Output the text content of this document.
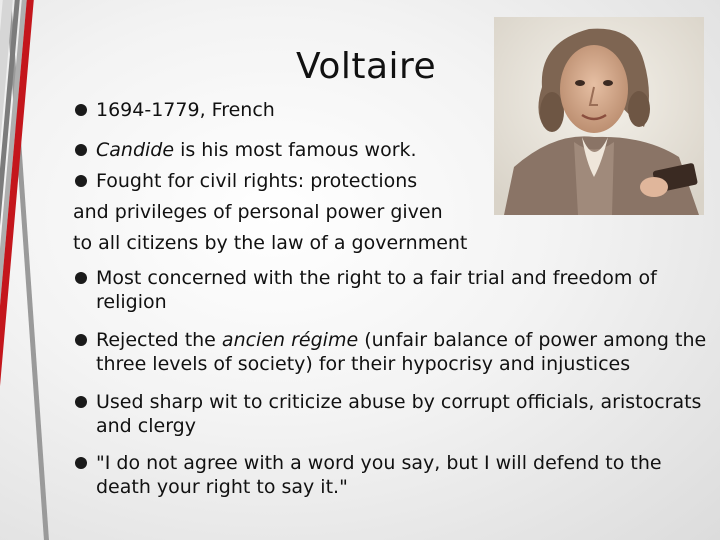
Voltaire
1694-1779, French
Candide is his most famous work.
Fought for civil rights: protections
and privileges of personal power given
to all citizens by the law of a government
Most concerned with the right to a fair trial and freedom of
religion
Rejected the ancien régime (unfair balance of power among the
three levels of society) for their hypocrisy and injustices
Used sharp wit to criticize abuse by corrupt officials, aristocrats
and clergy
"I do not agree with a word you say, but I will defend to the
death your right to say it."
